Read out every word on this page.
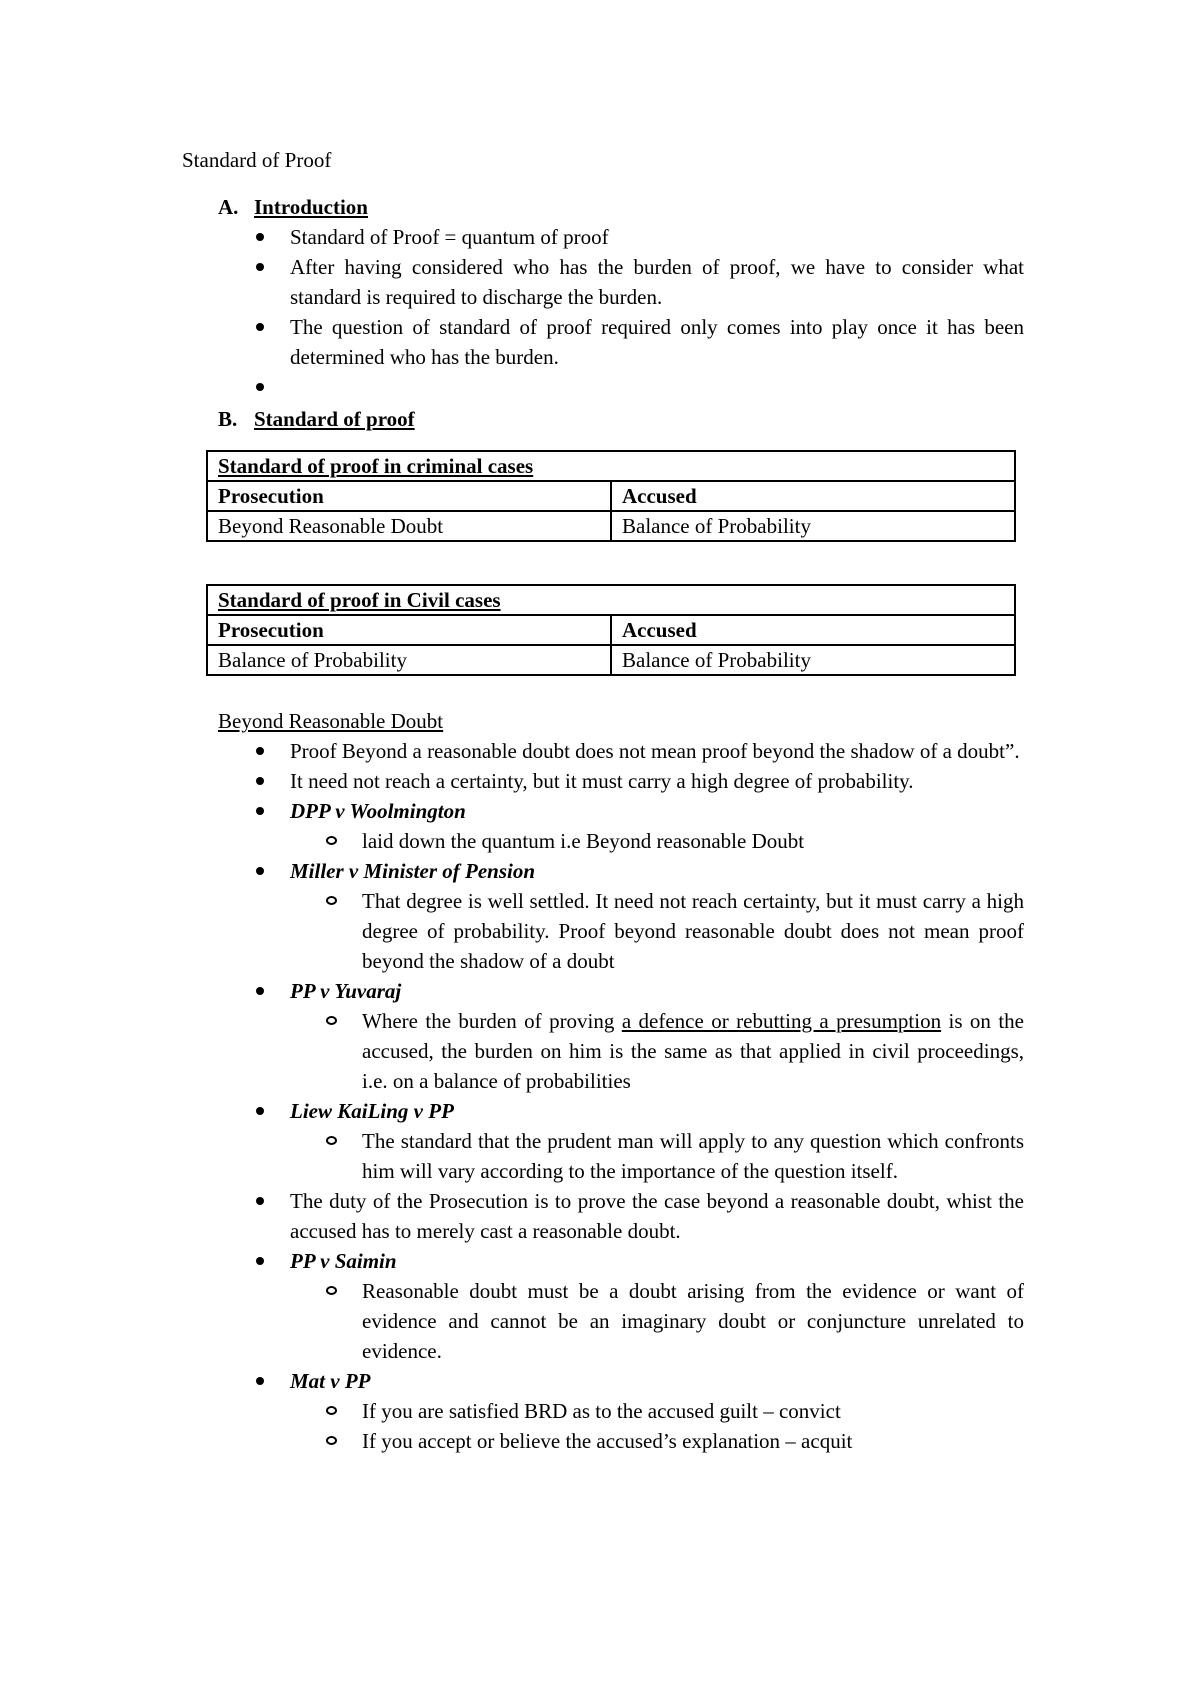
Standard of Proof
A. Introduction
Standard of Proof = quantum of proof
After having considered who has the burden of proof, we have to consider what standard is required to discharge the burden.
The question of standard of proof required only comes into play once it has been determined who has the burden.
B. Standard of proof
Standard of proof in criminal cases	
Prosecution	Accused
Beyond Reasonable Doubt	Balance of Probability
Standard of proof in Civil cases	
Prosecution	Accused
Balance of Probability	Balance of Probability
Beyond Reasonable Doubt
Proof Beyond a reasonable doubt does not mean proof beyond the shadow of a doubt”.
It need not reach a certainty, but it must carry a high degree of probability.
DPP v Woolmington
laid down the quantum i.e Beyond reasonable Doubt
Miller v Minister of Pension
That degree is well settled. It need not reach certainty, but it must carry a high degree of probability. Proof beyond reasonable doubt does not mean proof beyond the shadow of a doubt
PP v Yuvaraj
Where the burden of proving a defence or rebutting a presumption is on the accused, the burden on him is the same as that applied in civil proceedings, i.e. on a balance of probabilities
Liew KaiLing v PP
The standard that the prudent man will apply to any question which confronts him will vary according to the importance of the question itself.
The duty of the Prosecution is to prove the case beyond a reasonable doubt, whist the accused has to merely cast a reasonable doubt.
PP v Saimin
Reasonable doubt must be a doubt arising from the evidence or want of evidence and cannot be an imaginary doubt or conjuncture unrelated to evidence.
Mat v PP
If you are satisfied BRD as to the accused guilt – convict
If you accept or believe the accused’s explanation – acquit
